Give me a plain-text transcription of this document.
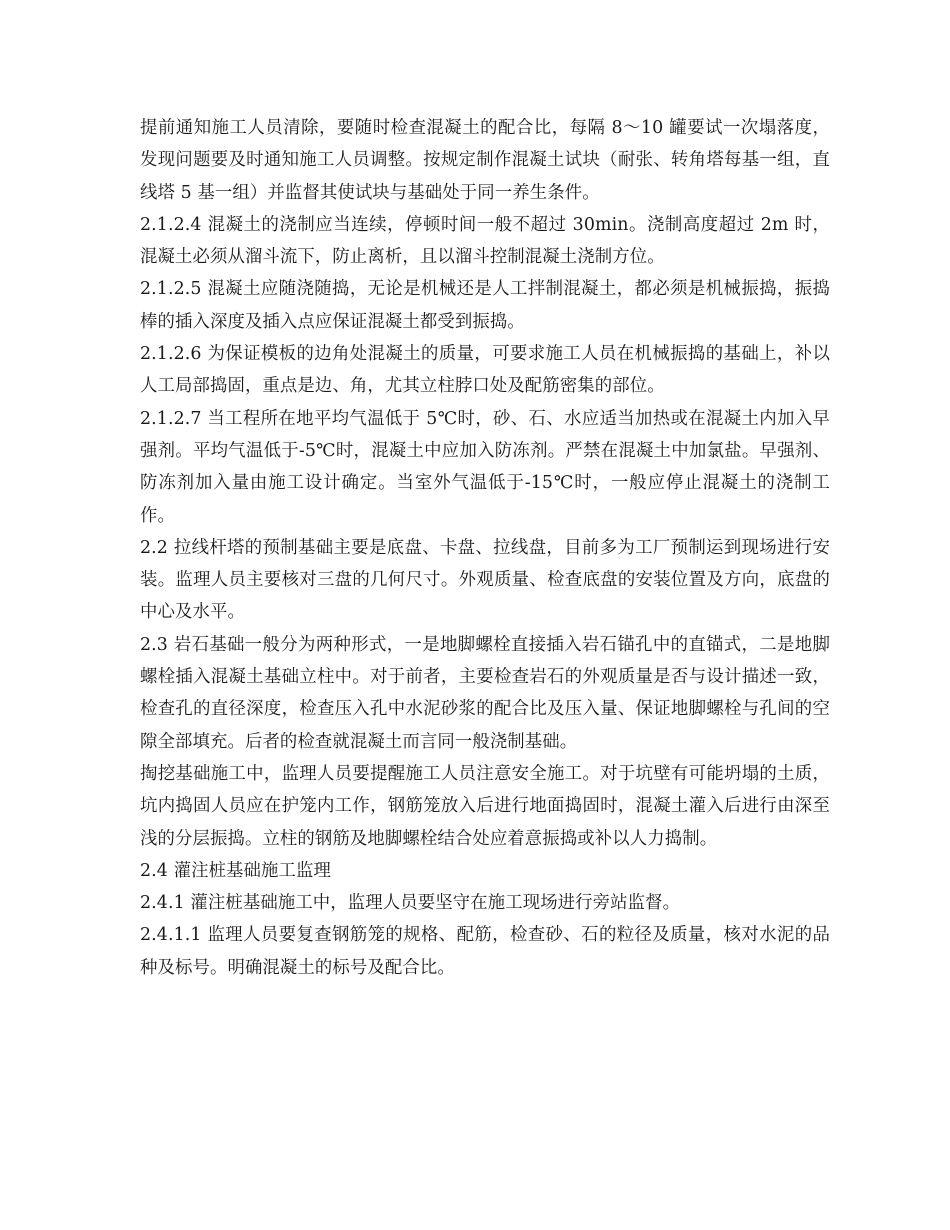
提前通知施工人员清除，要随时检查混凝土的配合比，每隔 8～10 罐要试一次塌落度，发现问题要及时通知施工人员调整。按规定制作混凝土试块（耐张、转角塔每基一组，直线塔 5 基一组）并监督其使试块与基础处于同一养生条件。

2.1.2.4 混凝土的浇制应当连续，停顿时间一般不超过 30min。浇制高度超过 2m 时，混凝土必须从溜斗流下，防止离析，且以溜斗控制混凝土浇制方位。

2.1.2.5 混凝土应随浇随捣，无论是机械还是人工拌制混凝土，都必须是机械振捣，振捣棒的插入深度及插入点应保证混凝土都受到振捣。

2.1.2.6 为保证模板的边角处混凝土的质量，可要求施工人员在机械振捣的基础上，补以人工局部捣固，重点是边、角，尤其立柱脖口处及配筋密集的部位。

2.1.2.7 当工程所在地平均气温低于 5℃时，砂、石、水应适当加热或在混凝土内加入早强剂。平均气温低于-5℃时，混凝土中应加入防冻剂。严禁在混凝土中加氯盐。早强剂、防冻剂加入量由施工设计确定。当室外气温低于-15℃时，一般应停止混凝土的浇制工作。

2.2 拉线杆塔的预制基础主要是底盘、卡盘、拉线盘，目前多为工厂预制运到现场进行安装。监理人员主要核对三盘的几何尺寸。外观质量、检查底盘的安装位置及方向，底盘的中心及水平。

2.3 岩石基础一般分为两种形式，一是地脚螺栓直接插入岩石锚孔中的直锚式，二是地脚螺栓插入混凝土基础立柱中。对于前者，主要检查岩石的外观质量是否与设计描述一致，检查孔的直径深度，检查压入孔中水泥砂浆的配合比及压入量、保证地脚螺栓与孔间的空隙全部填充。后者的检查就混凝土而言同一般浇制基础。

掏挖基础施工中，监理人员要提醒施工人员注意安全施工。对于坑壁有可能坍塌的土质，坑内捣固人员应在护笼内工作，钢筋笼放入后进行地面捣固时，混凝土灌入后进行由深至浅的分层振捣。立柱的钢筋及地脚螺栓结合处应着意振捣或补以人力捣制。

2.4 灌注桩基础施工监理

2.4.1 灌注桩基础施工中，监理人员要坚守在施工现场进行旁站监督。

2.4.1.1 监理人员要复查钢筋笼的规格、配筋，检查砂、石的粒径及质量，核对水泥的品种及标号。明确混凝土的标号及配合比。
